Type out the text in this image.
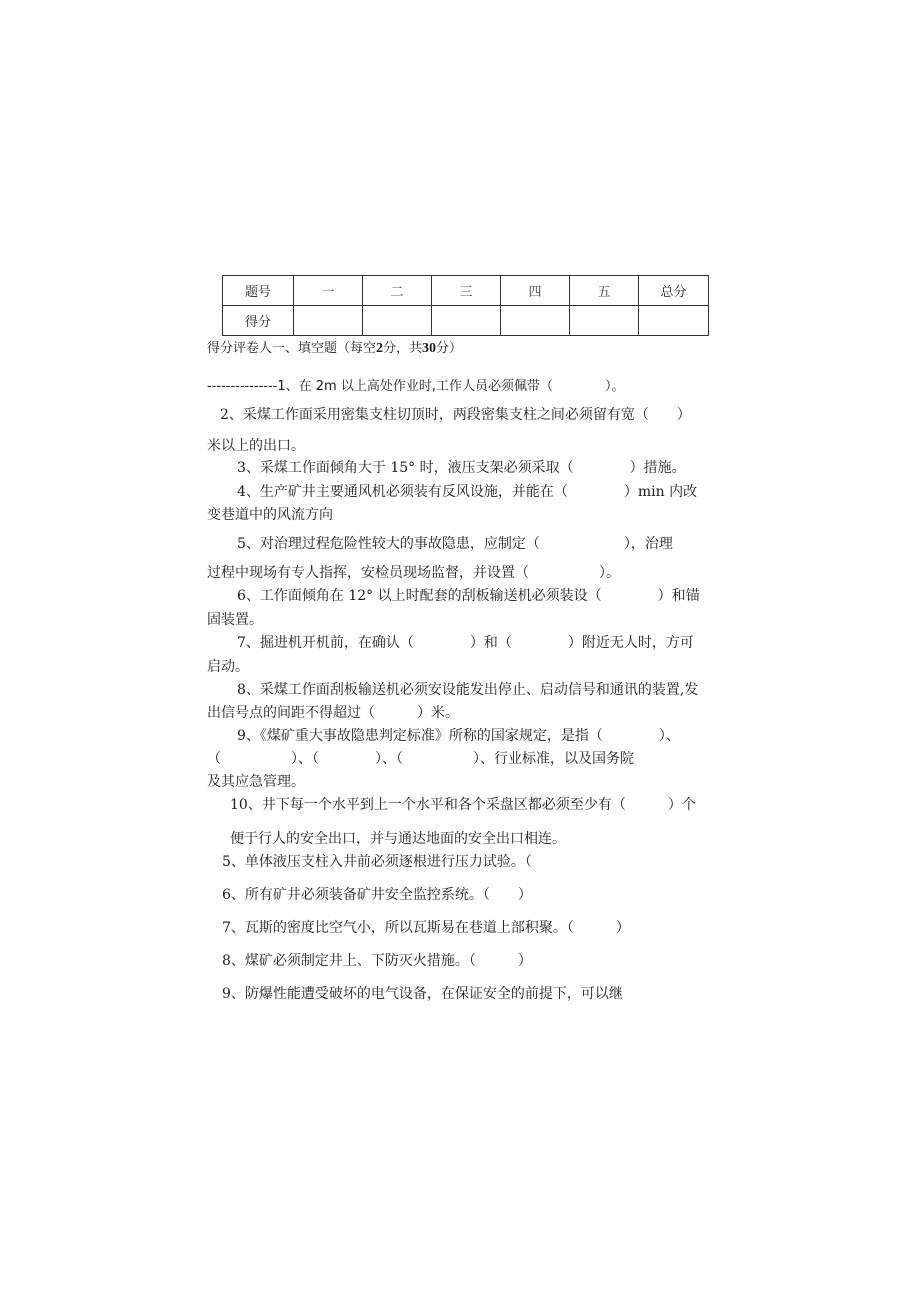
题号	一	二	三	四	五	总分
得分						
得分评卷人一、填空题（每空2分，共30分）
---------------1、在 2m 以上高处作业时,工作人员必须佩带（　　　　）。
2、采煤工作面采用密集支柱切顶时，两段密集支柱之间必须留有宽（　　）
米以上的出口。
3、采煤工作面倾角大于 15° 时，液压支架必须采取（　　　　）措施。
4、生产矿井主要通风机必须装有反风设施，并能在（　　　　）min 内改
变巷道中的风流方向
5、对治理过程危险性较大的事故隐患，应制定（　　　　　　），治理
过程中现场有专人指挥，安检员现场监督，并设置（　　　　　）。
6、工作面倾角在 12° 以上时配套的刮板输送机必须装设（　　　　）和锚
固装置。
7、掘进机开机前，在确认（　　　　）和（　　　　）附近无人时，方可
启动。
8、采煤工作面刮板输送机必须安设能发出停止、启动信号和通讯的装置,发
出信号点的间距不得超过（　　　）米。
9、《煤矿重大事故隐患判定标准》所称的国家规定，是指（　　　　）、
（　　　　　）、（　　　　）、（　　　　　）、行业标准，以及国务院
及其应急管理。
10、井下每一个水平到上一个水平和各个采盘区都必须至少有（　　　）个
便于行人的安全出口，并与通达地面的安全出口相连。
5、单体液压支柱入井前必须逐根进行压力试验。（
6、所有矿井必须装备矿井安全监控系统。（　　）
7、瓦斯的密度比空气小，所以瓦斯易在巷道上部积聚。（　　　）
8、煤矿必须制定井上、下防灭火措施。（　　　）
9、防爆性能遭受破坏的电气设备，在保证安全的前提下，可以继
